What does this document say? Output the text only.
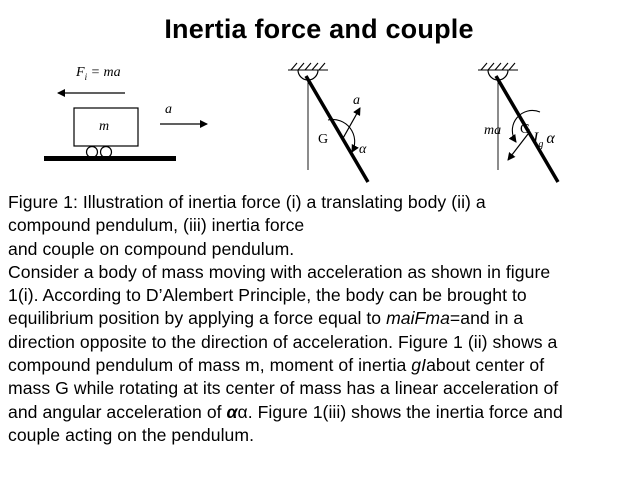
Inertia force and couple
$F_i$ = ma
m
a
G
a
α
ma G
$I_g$ α
Figure 1: Illustration of inertia force (i) a translating body (ii) a
compound pendulum, (iii) inertia force
and couple on compound pendulum.
Consider a body of mass moving with acceleration as shown in figure
1(i). According to D’Alembert Principle, the body can be brought to
equilibrium position by applying a force equal to maiFma=and in a
direction opposite to the direction of acceleration. Figure 1 (ii) shows a
compound pendulum of mass m, moment of inertia gIabout center of
mass G while rotating at its center of mass has a linear acceleration of
and angular acceleration of αα. Figure 1(iii) shows the inertia force and
couple acting on the pendulum.
